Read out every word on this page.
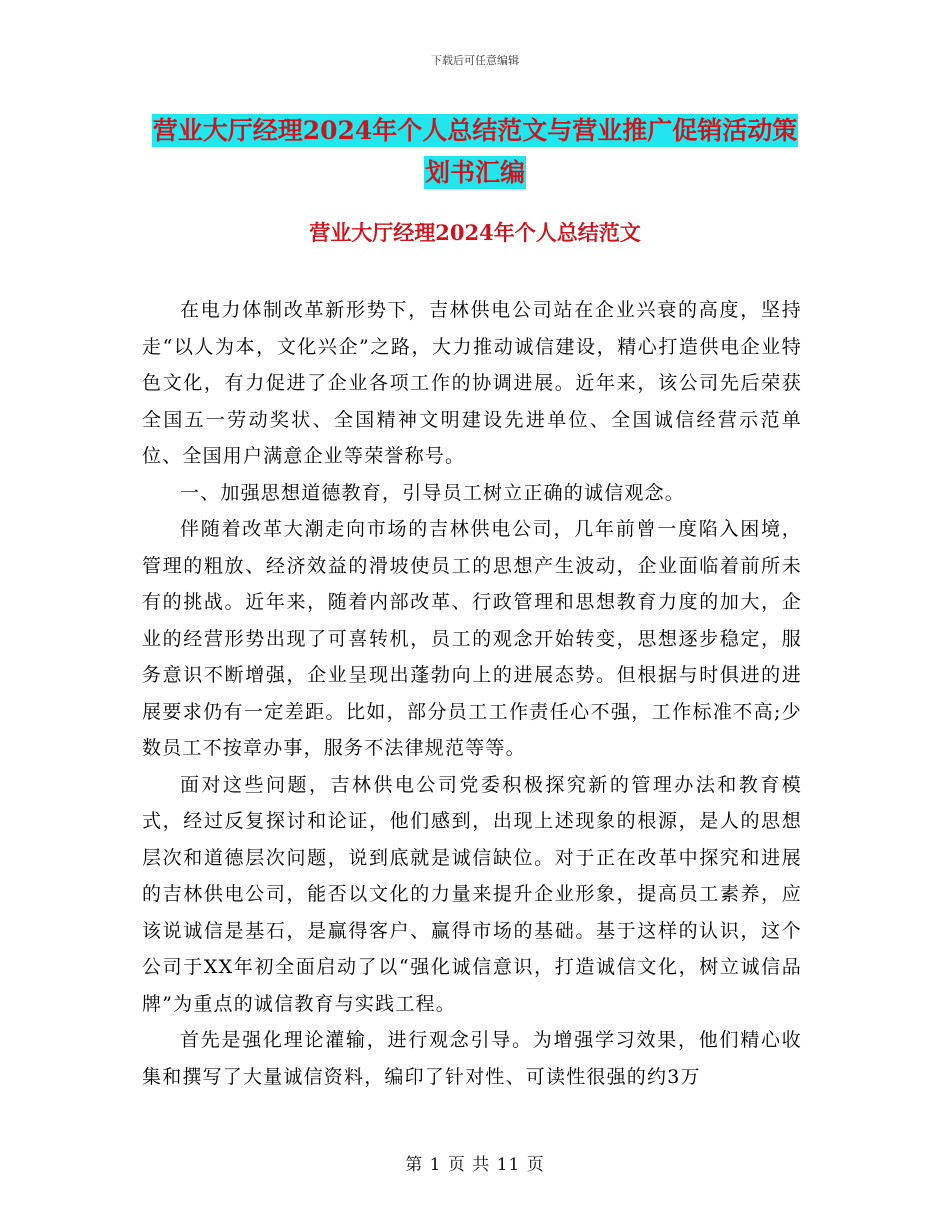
下载后可任意编辑
营业大厅经理2024年个人总结范文与营业推广促销活动策划书汇编
营业大厅经理2024年个人总结范文

在电力体制改革新形势下，吉林供电公司站在企业兴衰的高度，坚持走“以人为本，文化兴企”之路，大力推动诚信建设，精心打造供电企业特色文化，有力促进了企业各项工作的协调进展。近年来，该公司先后荣获全国五一劳动奖状、全国精神文明建设先进单位、全国诚信经营示范单位、全国用户满意企业等荣誉称号。

一、加强思想道德教育，引导员工树立正确的诚信观念。

伴随着改革大潮走向市场的吉林供电公司，几年前曾一度陷入困境，管理的粗放、经济效益的滑坡使员工的思想产生波动，企业面临着前所未有的挑战。近年来，随着内部改革、行政管理和思想教育力度的加大，企业的经营形势出现了可喜转机，员工的观念开始转变，思想逐步稳定，服务意识不断增强，企业呈现出蓬勃向上的进展态势。但根据与时俱进的进展要求仍有一定差距。比如，部分员工工作责任心不强，工作标准不高;少数员工不按章办事，服务不法律规范等等。

面对这些问题，吉林供电公司党委积极探究新的管理办法和教育模式，经过反复探讨和论证，他们感到，出现上述现象的根源，是人的思想层次和道德层次问题，说到底就是诚信缺位。对于正在改革中探究和进展的吉林供电公司，能否以文化的力量来提升企业形象，提高员工素养，应该说诚信是基石，是赢得客户、赢得市场的基础。基于这样的认识，这个公司于XX年初全面启动了以“强化诚信意识，打造诚信文化，树立诚信品牌”为重点的诚信教育与实践工程。

首先是强化理论灌输，进行观念引导。为增强学习效果，他们精心收集和撰写了大量诚信资料，编印了针对性、可读性很强的约3万

第 1 页 共 11 页
